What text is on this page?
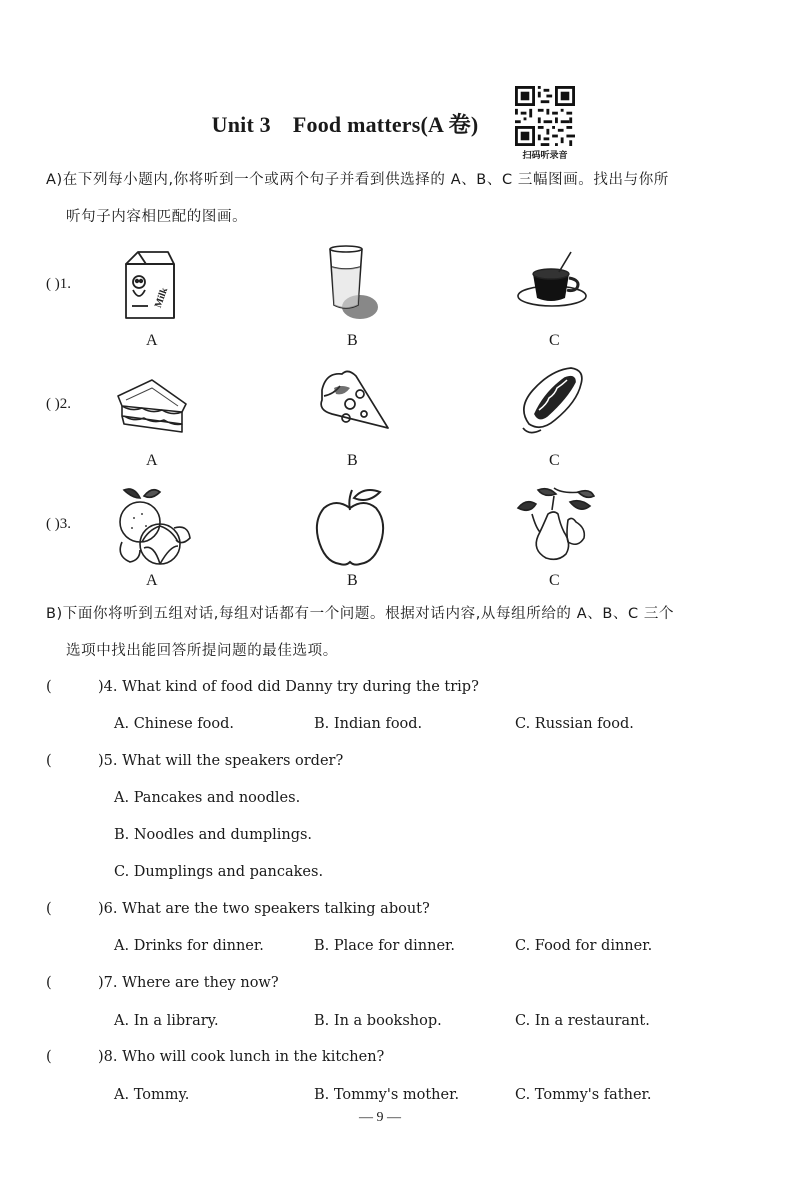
Unit 3 Food matters(A 卷)
扫码听录音
A)在下列每小题内,你将听到一个或两个句子并看到供选择的 A、B、C 三幅图画。找出与你所
听句子内容相匹配的图画。
( )1.
Milk
A	B	C
( )2.
A	B	C
( )3.
A	B	C
B)下面你将听到五组对话,每组对话都有一个问题。根据对话内容,从每组所给的 A、B、C 三个
选项中找出能回答所提问题的最佳选项。
(	)4. What kind of food did Danny try during the trip?
A. Chinese food.	B. Indian food.	C. Russian food.
(	)5. What will the speakers order?
A. Pancakes and noodles.
B. Noodles and dumplings.
C. Dumplings and pancakes.
(	)6. What are the two speakers talking about?
A. Drinks for dinner.	B. Place for dinner.	C. Food for dinner.
(	)7. Where are they now?
A. In a library.	B. In a bookshop.	C. In a restaurant.
(	)8. Who will cook lunch in the kitchen?
A. Tommy.	B. Tommy's mother.	C. Tommy's father.
— 9 —
